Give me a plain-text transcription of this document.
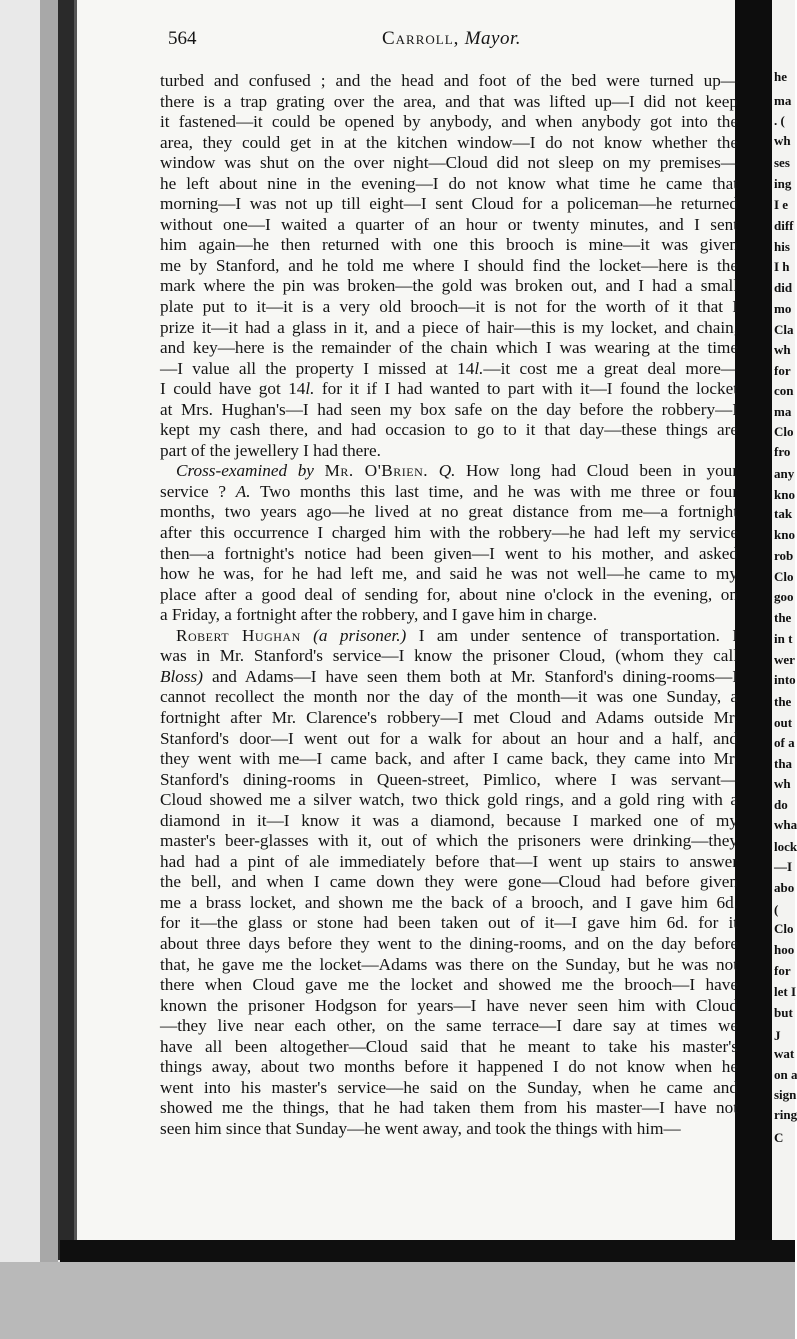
he
ma
. (
wh
ses
ing
I e
diff
his
I h
did
mo
Cla
wh
for
con
ma
Clo
fro
any
kno
tak
kno
rob
Clo
goo
the
in t
wer
into
the
out
of a
tha
wh
do
wha
lock
—I
abo
(
Clo
hoo
for
let I
but
J
wat
on a
sign
ring
C
564	Carroll, Mayor.
turbed and confused ; and the head and foot of the bed were turned up—
there is a trap grating over the area, and that was lifted up—I did not keep
it fastened—it could be opened by anybody, and when anybody got into the
area, they could get in at the kitchen window—I do not know whether the
window was shut on the over night—Cloud did not sleep on my premises—
he left about nine in the evening—I do not know what time he came that
morning—I was not up till eight—I sent Cloud for a policeman—he returned
without one—I waited a quarter of an hour or twenty minutes, and I sent
him again—he then returned with one this brooch is mine—it was given
me by Stanford, and he told me where I should find the locket—here is the
mark where the pin was broken—the gold was broken out, and I had a small
plate put to it—it is a very old brooch—it is not for the worth of it that I
prize it—it had a glass in it, and a piece of hair—this is my locket, and chain,
and key—here is the remainder of the chain which I was wearing at the time
—I value all the property I missed at 14l.—it cost me a great deal more—
I could have got 14l. for it if I had wanted to part with it—I found the locket
at Mrs. Hughan's—I had seen my box safe on the day before the robbery—I
kept my cash there, and had occasion to go to it that day—these things are
part of the jewellery I had there.
Cross-examined by Mr. O'Brien. Q. How long had Cloud been in your
service ? A. Two months this last time, and he was with me three or four
months, two years ago—he lived at no great distance from me—a fortnight
after this occurrence I charged him with the robbery—he had left my service
then—a fortnight's notice had been given—I went to his mother, and asked
how he was, for he had left me, and said he was not well—he came to my
place after a good deal of sending for, about nine o'clock in the evening, on
a Friday, a fortnight after the robbery, and I gave him in charge.
Robert Hughan (a prisoner.) I am under sentence of transportation. I
was in Mr. Stanford's service—I know the prisoner Cloud, (whom they call
Bloss) and Adams—I have seen them both at Mr. Stanford's dining-rooms—I
cannot recollect the month nor the day of the month—it was one Sunday, a
fortnight after Mr. Clarence's robbery—I met Cloud and Adams outside Mr.
Stanford's door—I went out for a walk for about an hour and a half, and
they went with me—I came back, and after I came back, they came into Mr.
Stanford's dining-rooms in Queen-street, Pimlico, where I was servant—
Cloud showed me a silver watch, two thick gold rings, and a gold ring with a
diamond in it—I know it was a diamond, because I marked one of my
master's beer-glasses with it, out of which the prisoners were drinking—they
had had a pint of ale immediately before that—I went up stairs to answer
the bell, and when I came down they were gone—Cloud had before given
me a brass locket, and shown me the back of a brooch, and I gave him 6d.
for it—the glass or stone had been taken out of it—I gave him 6d. for it
about three days before they went to the dining-rooms, and on the day before
that, he gave me the locket—Adams was there on the Sunday, but he was not
there when Cloud gave me the locket and showed me the brooch—I have
known the prisoner Hodgson for years—I have never seen him with Cloud
—they live near each other, on the same terrace—I dare say at times we
have all been altogether—Cloud said that he meant to take his master's
things away, about two months before it happened I do not know when he
went into his master's service—he said on the Sunday, when he came and
showed me the things, that he had taken them from his master—I have not
seen him since that Sunday—he went away, and took the things with him—
